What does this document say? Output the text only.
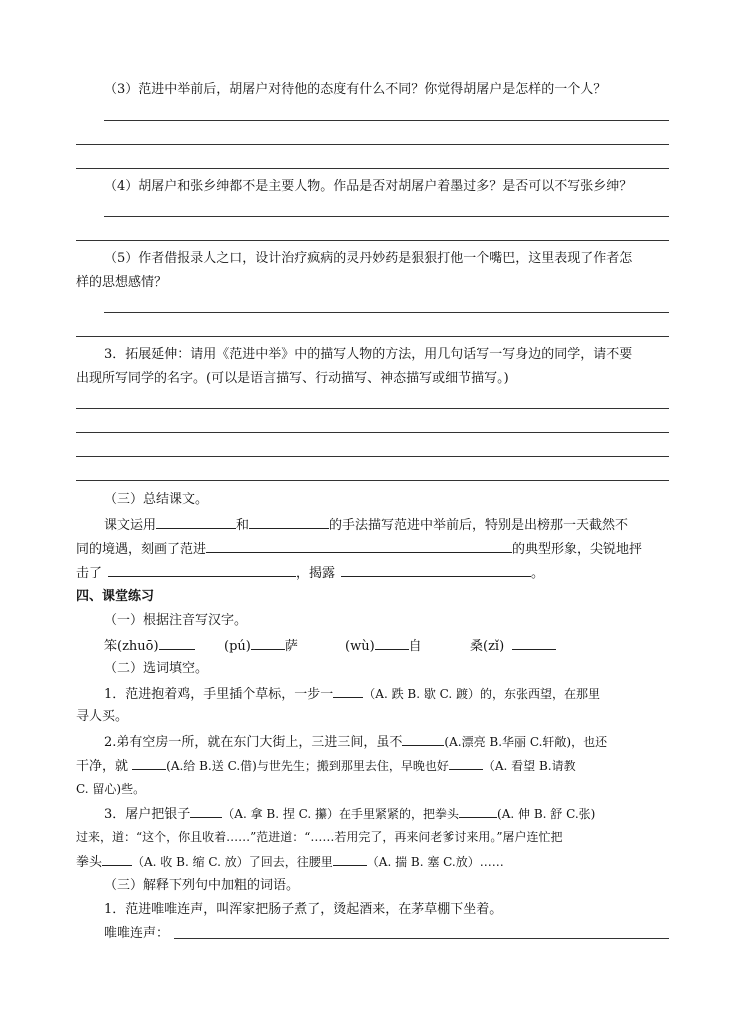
（3）范进中举前后，胡屠户对待他的态度有什么不同？你觉得胡屠户是怎样的一个人？
（4）胡屠户和张乡绅都不是主要人物。作品是否对胡屠户着墨过多？是否可以不写张乡绅？
（5）作者借报录人之口，设计治疗疯病的灵丹妙药是狠狠打他一个嘴巴，这里表现了作者怎
样的思想感情？
3．拓展延伸：请用《范进中举》中的描写人物的方法，用几句话写一写身边的同学，请不要
出现所写同学的名字。(可以是语言描写、行动描写、神态描写或细节描写。)
（三）总结课文。
课文运用	和	的手法描写范进中举前后，特别是出榜那一天截然不
同的境遇，刻画了范进	的典型形象，尖锐地抨
击了	，揭露	。
四、课堂练习
（一）根据注音写汉字。
笨(zhuō)	(pú)	萨	(wù)	自	桑(zǐ)
（二）选词填空。
1．范进抱着鸡，手里插个草标，一步一	（A. 跌 B. 歇 C. 踱）的，东张西望，在那里
寻人买。
2.弟有空房一所，就在东门大街上，三进三间，虽不	(A.漂亮 B.华丽 C.轩敞)，也还
干净，就	(A.给 B.送 C.借)与世先生；搬到那里去住，早晚也好	（A. 看望 B.请教
C. 留心)些。
3．屠户把银子	（A. 拿 B. 捏 C. 攥）在手里紧紧的，把拳头	(A. 伸 B. 舒 C.张)
过来，道：“这个，你且收着……”范进道：“……若用完了，再来问老爹讨来用。”屠户连忙把
拳头	（A. 收 B. 缩 C. 放）了回去，往腰里	（A. 揣 B. 塞 C.放）……
（三）解释下列句中加粗的词语。
1．范进唯唯连声，叫浑家把肠子煮了，烫起酒来，在茅草棚下坐着。
唯唯连声：
